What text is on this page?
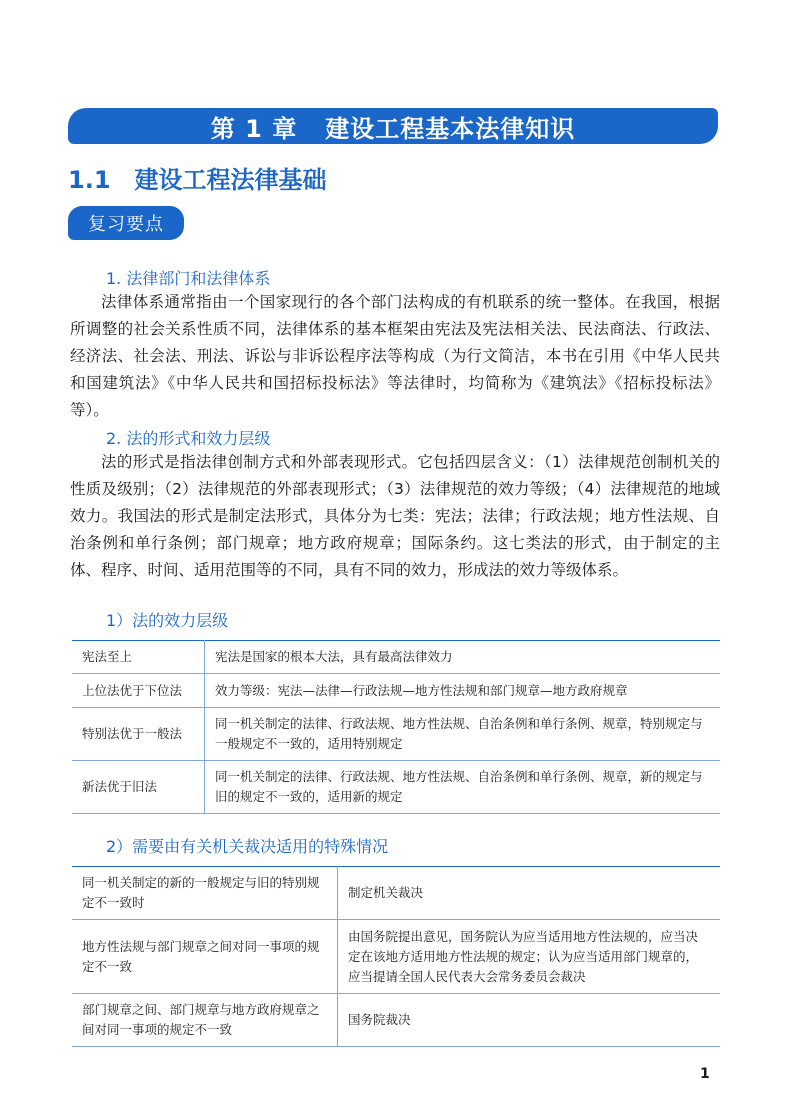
第 1 章 建设工程基本法律知识
1.1 建设工程法律基础
复习要点
1. 法律部门和法律体系
法律体系通常指由一个国家现行的各个部门法构成的有机联系的统一整体。在我国，根据所调整的社会关系性质不同，法律体系的基本框架由宪法及宪法相关法、民法商法、行政法、经济法、社会法、刑法、诉讼与非诉讼程序法等构成（为行文简洁，本书在引用《中华人民共和国建筑法》《中华人民共和国招标投标法》等法律时，均简称为《建筑法》《招标投标法》等）。
2. 法的形式和效力层级
法的形式是指法律创制方式和外部表现形式。它包括四层含义：（1）法律规范创制机关的性质及级别；（2）法律规范的外部表现形式；（3）法律规范的效力等级；（4）法律规范的地域效力。我国法的形式是制定法形式，具体分为七类：宪法；法律；行政法规；地方性法规、自治条例和单行条例；部门规章；地方政府规章；国际条约。这七类法的形式，由于制定的主体、程序、时间、适用范围等的不同，具有不同的效力，形成法的效力等级体系。
1）法的效力层级
宪法至上	宪法是国家的根本大法，具有最高法律效力
上位法优于下位法	效力等级：宪法—法律—行政法规—地方性法规和部门规章—地方政府规章
特别法优于一般法	同一机关制定的法律、行政法规、地方性法规、自治条例和单行条例、规章，特别规定与一般规定不一致的，适用特别规定
新法优于旧法	同一机关制定的法律、行政法规、地方性法规、自治条例和单行条例、规章，新的规定与旧的规定不一致的，适用新的规定
2）需要由有关机关裁决适用的特殊情况
同一机关制定的新的一般规定与旧的特别规定不一致时	制定机关裁决
地方性法规与部门规章之间对同一事项的规定不一致	由国务院提出意见，国务院认为应当适用地方性法规的，应当决定在该地方适用地方性法规的规定；认为应当适用部门规章的，应当提请全国人民代表大会常务委员会裁决
部门规章之间、部门规章与地方政府规章之间对同一事项的规定不一致	国务院裁决
1
